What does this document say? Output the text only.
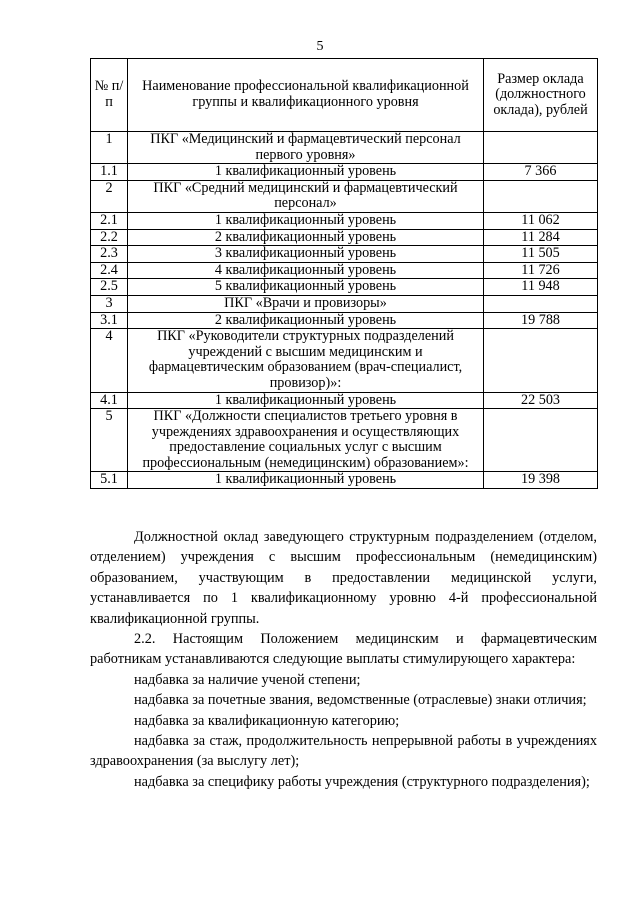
5
№ п/п	Наименование профессиональной квалификационной группы и квалификационного уровня	Размер оклада (должностного оклада), рублей
1	ПКГ «Медицинский и фармацевтический персонал первого уровня»	
1.1	1 квалификационный уровень	7 366
2	ПКГ «Средний медицинский и фармацевтический персонал»	
2.1	1 квалификационный уровень	11 062
2.2	2 квалификационный уровень	11 284
2.3	3 квалификационный уровень	11 505
2.4	4 квалификационный уровень	11 726
2.5	5 квалификационный уровень	11 948
3	ПКГ «Врачи и провизоры»	
3.1	2 квалификационный уровень	19 788
4	ПКГ «Руководители структурных подразделений учреждений с высшим медицинским и фармацевтическим образованием (врач-специалист, провизор)»:	
4.1	1 квалификационный уровень	22 503
5	ПКГ «Должности специалистов третьего уровня в учреждениях здравоохранения и осуществляющих предоставление социальных услуг с высшим профессиональным (немедицинским) образованием»:	
5.1	1 квалификационный уровень	19 398

Должностной оклад заведующего структурным подразделением (отделом, отделением) учреждения с высшим профессиональным (немедицинским) образованием, участвующим в предоставлении медицинской услуги, устанавливается по 1 квалификационному уровню 4-й профессиональной квалификационной группы.

2.2. Настоящим Положением медицинским и фармацевтическим работникам устанавливаются следующие выплаты стимулирующего характера:

надбавка за наличие ученой степени;

надбавка за почетные звания, ведомственные (отраслевые) знаки отличия;

надбавка за квалификационную категорию;

надбавка за стаж, продолжительность непрерывной работы в учреждениях здравоохранения (за выслугу лет);

надбавка за специфику работы учреждения (структурного подразделения);
